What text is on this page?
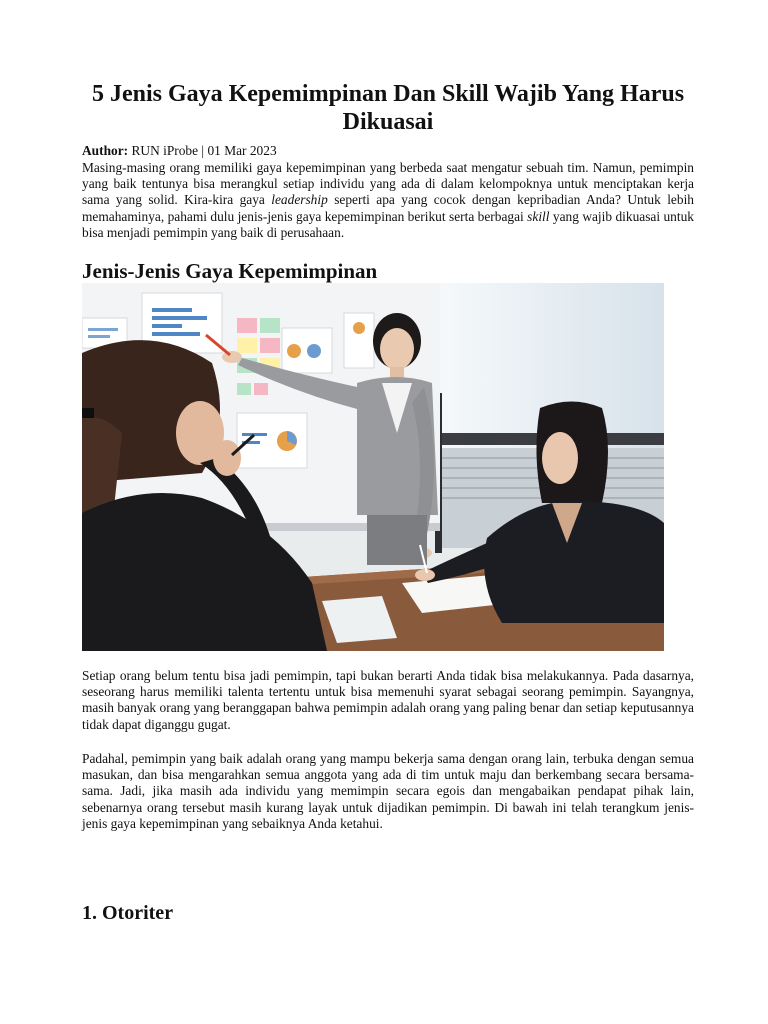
5 Jenis Gaya Kepemimpinan Dan Skill Wajib Yang Harus Dikuasai
Author: RUN iProbe | 01 Mar 2023

Masing-masing orang memiliki gaya kepemimpinan yang berbeda saat mengatur sebuah tim. Namun, pemimpin yang baik tentunya bisa merangkul setiap individu yang ada di dalam kelompoknya untuk menciptakan kerja sama yang solid. Kira-kira gaya leadership seperti apa yang cocok dengan kepribadian Anda? Untuk lebih memahaminya, pahami dulu jenis-jenis gaya kepemimpinan berikut serta berbagai skill yang wajib dikuasai untuk bisa menjadi pemimpin yang baik di perusahaan.

Jenis-Jenis Gaya Kepemimpinan

Setiap orang belum tentu bisa jadi pemimpin, tapi bukan berarti Anda tidak bisa melakukannya. Pada dasarnya, seseorang harus memiliki talenta tertentu untuk bisa memenuhi syarat sebagai seorang pemimpin. Sayangnya, masih banyak orang yang beranggapan bahwa pemimpin adalah orang yang paling benar dan setiap keputusannya tidak dapat diganggu gugat.

Padahal, pemimpin yang baik adalah orang yang mampu bekerja sama dengan orang lain, terbuka dengan semua masukan, dan bisa mengarahkan semua anggota yang ada di tim untuk maju dan berkembang secara bersama-sama. Jadi, jika masih ada individu yang memimpin secara egois dan mengabaikan pendapat pihak lain, sebenarnya orang tersebut masih kurang layak untuk dijadikan pemimpin. Di bawah ini telah terangkum jenis-jenis gaya kepemimpinan yang sebaiknya Anda ketahui.

1. Otoriter
